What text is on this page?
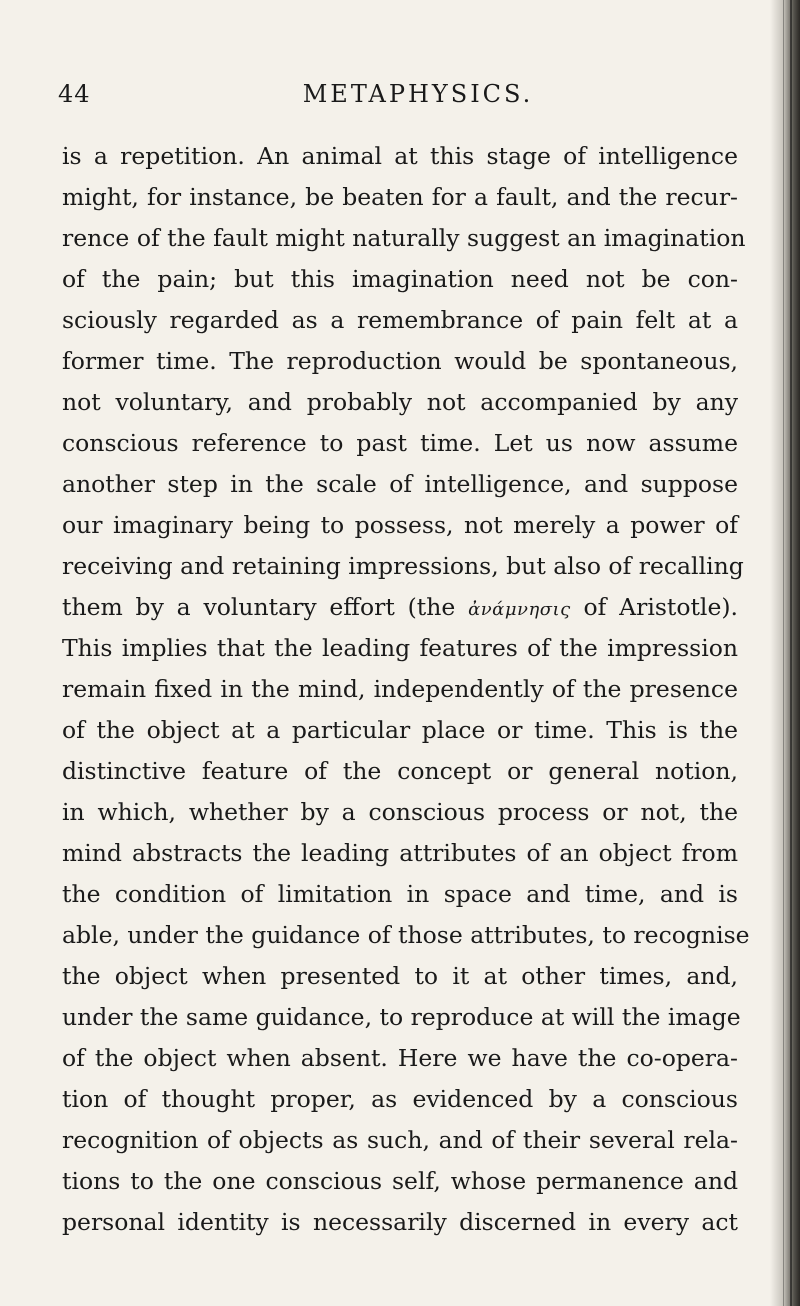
44	METAPHYSICS.
is a repetition. An animal at this stage of intelligence
might, for instance, be beaten for a fault, and the recur-
rence of the fault might naturally suggest an imagination
of the pain; but this imagination need not be con-
sciously regarded as a remembrance of pain felt at a
former time. The reproduction would be spontaneous,
not voluntary, and probably not accompanied by any
conscious reference to past time. Let us now assume
another step in the scale of intelligence, and suppose
our imaginary being to possess, not merely a power of
receiving and retaining impressions, but also of recalling
them by a voluntary effort (the ἀνάμνησις of Aristotle).
This implies that the leading features of the impression
remain fixed in the mind, independently of the presence
of the object at a particular place or time. This is the
distinctive feature of the concept or general notion,
in which, whether by a conscious process or not, the
mind abstracts the leading attributes of an object from
the condition of limitation in space and time, and is
able, under the guidance of those attributes, to recognise
the object when presented to it at other times, and,
under the same guidance, to reproduce at will the image
of the object when absent. Here we have the co-opera-
tion of thought proper, as evidenced by a conscious
recognition of objects as such, and of their several rela-
tions to the one conscious self, whose permanence and
personal identity is necessarily discerned in every act
